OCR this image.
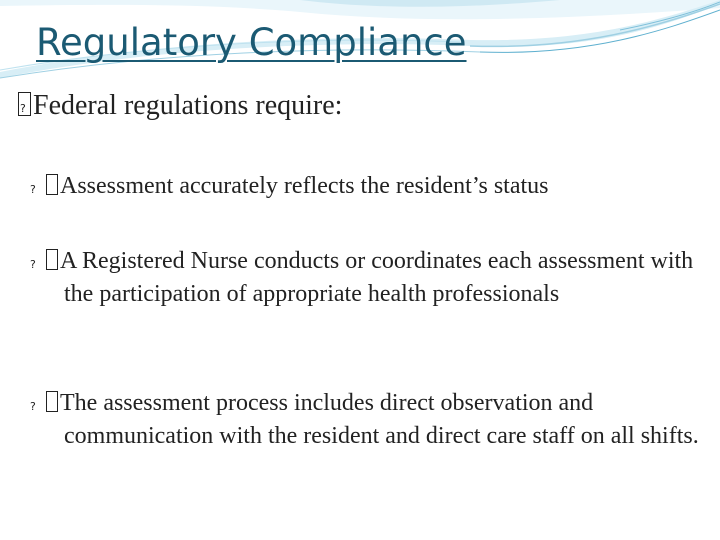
Regulatory Compliance

?Federal regulations require:

?Assessment accurately reflects the resident’s status

?A Registered Nurse conducts or coordinates each assessment with the participation of appropriate health professionals

?The assessment process includes direct observation and communication with the resident and direct care staff on all shifts.
